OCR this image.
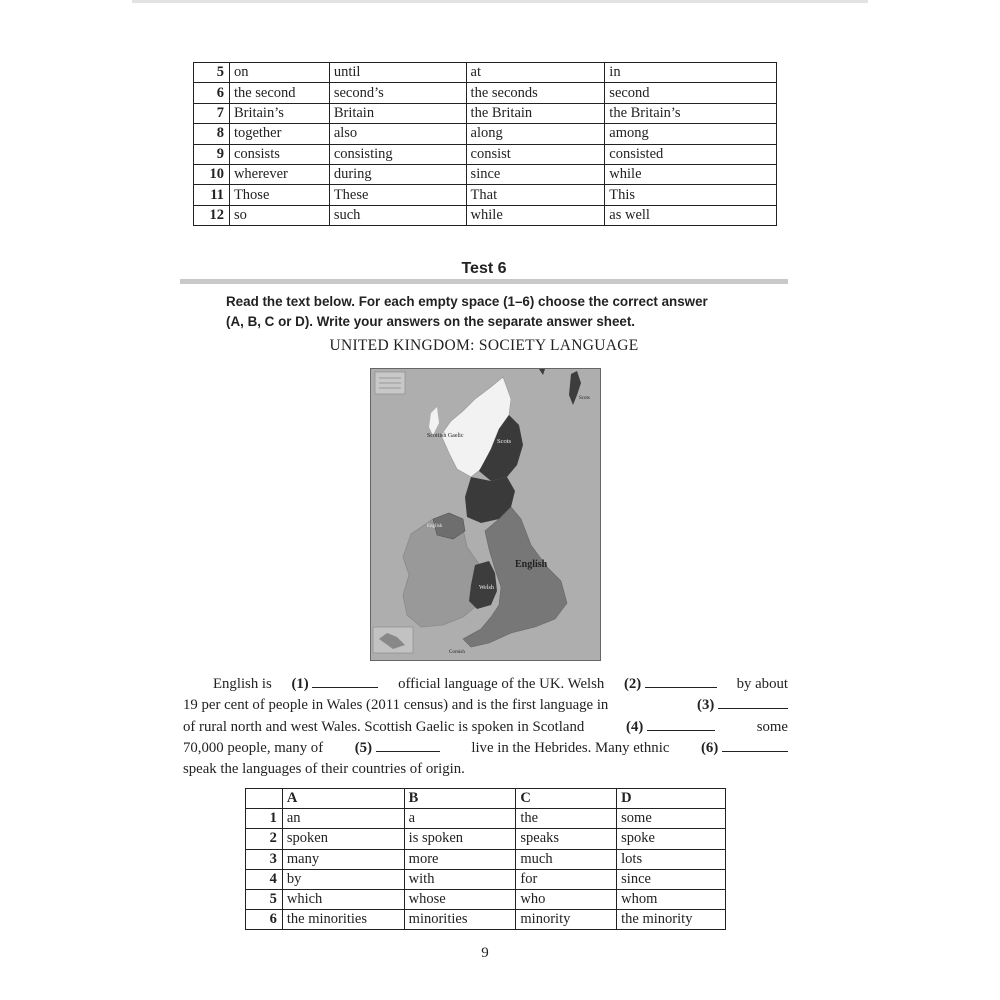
5	on	until	at	in
6	the second	second’s	the seconds	second
7	Britain’s	Britain	the Britain	the Britain’s
8	together	also	along	among
9	consists	consisting	consist	consisted
10	wherever	during	since	while
11	Those	These	That	This
12	so	such	while	as well
Test 6
Read the text below. For each empty space (1–6) choose the correct answer
(A, B, C or D). Write your answers on the separate answer sheet.
UNITED KINGDOM: SOCIETY LANGUAGE
Scottish Gaelic
Scots
English
English
Welsh
Cornish
Scots
English is (1)	official language of the UK. Welsh (2)	by about
19 per cent of people in Wales (2011 census) and is the first language in	(3)
of rural north and west Wales. Scottish Gaelic is spoken in Scotland	(4)	some
70,000 people, many of (5)	live in the Hebrides. Many ethnic (6)
speak the languages of their countries of origin.
	A	B	C	D
1	an	a	the	some
2	spoken	is spoken	speaks	spoke
3	many	more	much	lots
4	by	with	for	since
5	which	whose	who	whom
6	the minorities	minorities	minority	the minority
9
